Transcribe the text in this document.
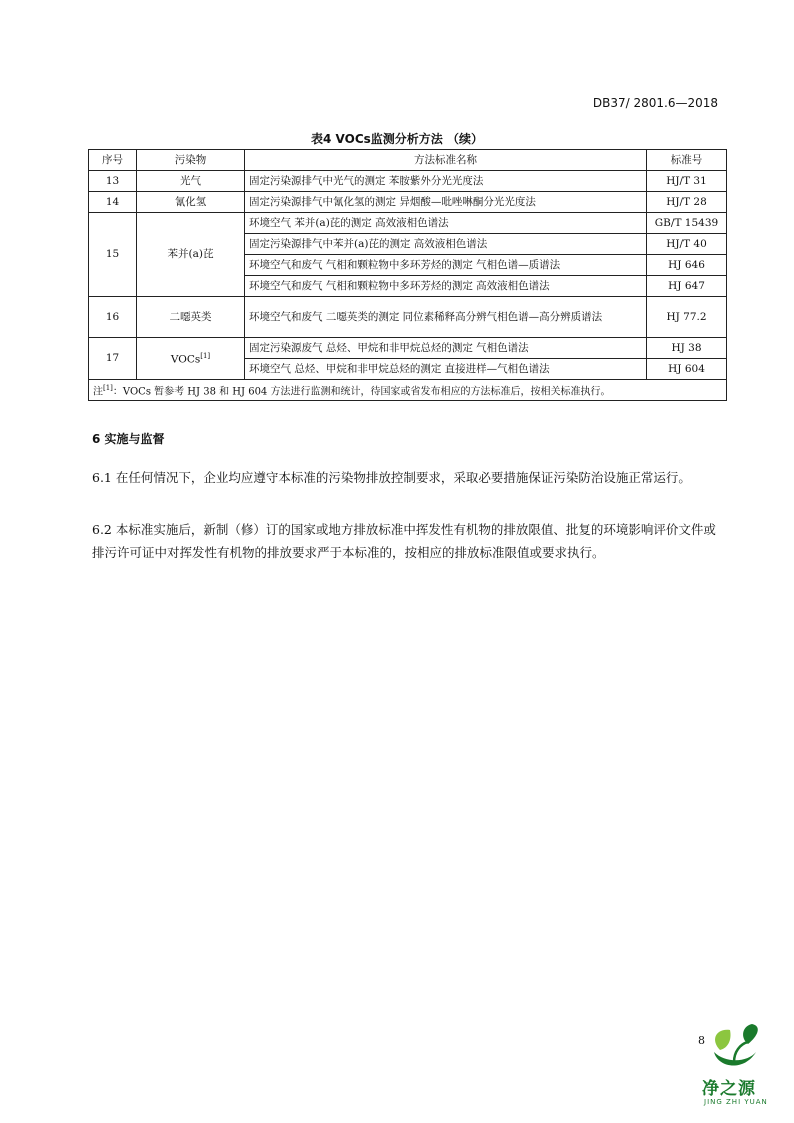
DB37/ 2801.6—2018
表4 VOCs监测分析方法 （续）
序号	污染物	方法标准名称	标准号
13	光气	固定污染源排气中光气的测定 苯胺紫外分光光度法	HJ/T 31
14	氰化氢	固定污染源排气中氰化氢的测定 异烟酸—吡唑啉酮分光光度法	HJ/T 28
15	苯并(a)芘	环境空气 苯并(a)芘的测定 高效液相色谱法	GB/T 15439
		固定污染源排气中苯并(a)芘的测定 高效液相色谱法	HJ/T 40
		环境空气和废气 气相和颗粒物中多环芳烃的测定 气相色谱—质谱法	HJ 646
		环境空气和废气 气相和颗粒物中多环芳烃的测定 高效液相色谱法	HJ 647
16	二噁英类	环境空气和废气 二噁英类的测定 同位素稀释高分辨气相色谱—高分辨质谱法	HJ 77.2
17	VOCs[1]	固定污染源废气 总烃、甲烷和非甲烷总烃的测定 气相色谱法	HJ 38
		环境空气 总烃、甲烷和非甲烷总烃的测定 直接进样—气相色谱法	HJ 604
注[1]：VOCs 暂参考 HJ 38 和 HJ 604 方法进行监测和统计，待国家或省发布相应的方法标准后，按相关标准执行。			
6 实施与监督
6.1 在任何情况下，企业均应遵守本标准的污染物排放控制要求，采取必要措施保证污染防治设施正常运行。
6.2 本标准实施后，新制（修）订的国家或地方排放标准中挥发性有机物的排放限值、批复的环境影响评价文件或排污许可证中对挥发性有机物的排放要求严于本标准的，按相应的排放标准限值或要求执行。
8
净之源
JING ZHI YUAN
